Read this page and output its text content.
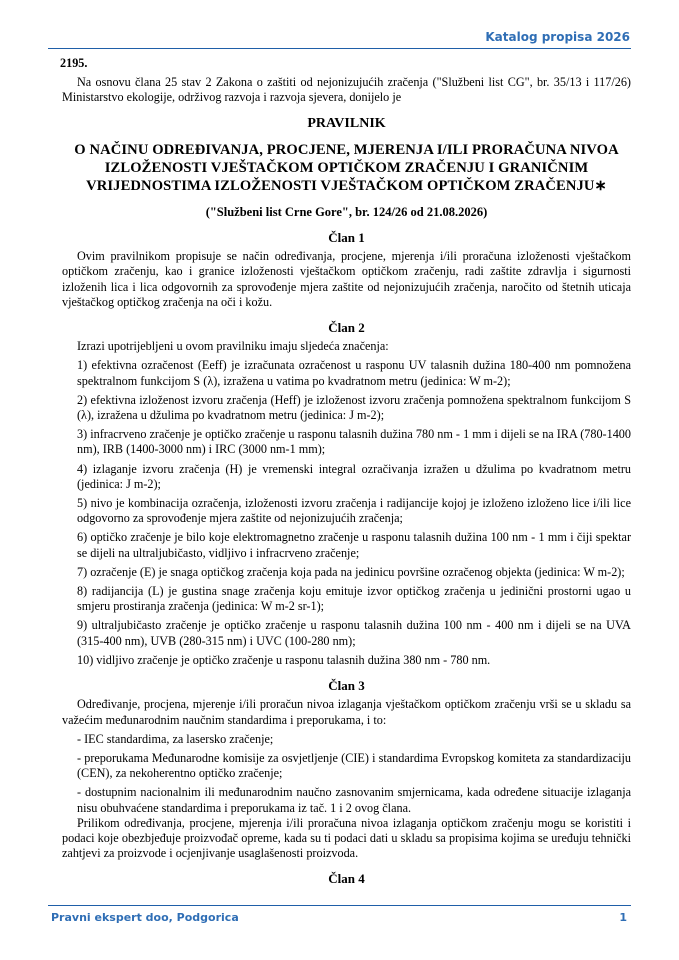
Katalog propisa 2026
2195.

Na osnovu člana 25 stav 2 Zakona o zaštiti od nejonizujućih zračenja ("Službeni list CG", br. 35/13 i 117/26) Ministarstvo ekologije, održivog razvoja i razvoja sjevera, donijelo je

PRAVILNIK
O NAČINU ODREĐIVANJA, PROCJENE, MJERENJA I/ILI PRORAČUNA NIVOA IZLOŽENOSTI VJEŠTAČKOM OPTIČKOM ZRAČENJU I GRANIČNIM VRIJEDNOSTIMA IZLOŽENOSTI VJEŠTAČKOM OPTIČKOM ZRAČENJU∗
("Službeni list Crne Gore", br. 124/26 od 21.08.2026)
Član 1

Ovim pravilnikom propisuje se način određivanja, procjene, mjerenja i/ili proračuna izloženosti vještačkom optičkom zračenju, kao i granice izloženosti vještačkom optičkom zračenju, radi zaštite zdravlja i sigurnosti izloženih lica i lica odgovornih za sprovođenje mjera zaštite od nejonizujućih zračenja, naročito od štetnih uticaja vještačkog optičkog zračenja na oči i kožu.

Član 2

Izrazi upotrijebljeni u ovom pravilniku imaju sljedeća značenja:

1) efektivna ozračenost (Eeff) je izračunata ozračenost u rasponu UV talasnih dužina 180-400 nm pomnožena spektralnom funkcijom S (λ), izražena u vatima po kvadratnom metru (jedinica: W m-2);

2) efektivna izloženost izvoru zračenja (Heff) je izloženost izvoru zračenja pomnožena spektralnom funkcijom S (λ), izražena u džulima po kvadratnom metru (jedinica: J m-2);

3) infracrveno zračenje je optičko zračenje u rasponu talasnih dužina 780 nm - 1 mm i dijeli se na IRA (780-1400 nm), IRB (1400-3000 nm) i IRC (3000 nm-1 mm);

4) izlaganje izvoru zračenja (H) je vremenski integral ozračivanja izražen u džulima po kvadratnom metru (jedinica: J m-2);

5) nivo je kombinacija ozračenja, izloženosti izvoru zračenja i radijancije kojoj je izloženo izloženo lice i/ili lice odgovorno za sprovođenje mjera zaštite od nejonizujućih zračenja;

6) optičko zračenje je bilo koje elektromagnetno zračenje u rasponu talasnih dužina 100 nm - 1 mm i čiji spektar se dijeli na ultraljubičasto, vidljivo i infracrveno zračenje;

7) ozračenje (E) je snaga optičkog zračenja koja pada na jedinicu površine ozračenog objekta (jedinica: W m-2);

8) radijancija (L) je gustina snage zračenja koju emituje izvor optičkog zračenja u jedinični prostorni ugao u smjeru prostiranja zračenja (jedinica: W m-2 sr-1);

9) ultraljubičasto zračenje je optičko zračenje u rasponu talasnih dužina 100 nm - 400 nm i dijeli se na UVA (315-400 nm), UVB (280-315 nm) i UVC (100-280 nm);

10) vidljivo zračenje je optičko zračenje u rasponu talasnih dužina 380 nm - 780 nm.

Član 3

Određivanje, procjena, mjerenje i/ili proračun nivoa izlaganja vještačkom optičkom zračenju vrši se u skladu sa važećim međunarodnim naučnim standardima i preporukama, i to:

- IEC standardima, za lasersko zračenje;

- preporukama Međunarodne komisije za osvjetljenje (CIE) i standardima Evropskog komiteta za standardizaciju (CEN), za nekoherentno optičko zračenje;

- dostupnim nacionalnim ili međunarodnim naučno zasnovanim smjernicama, kada određene situacije izlaganja nisu obuhvaćene standardima i preporukama iz tač. 1 i 2 ovog člana.

Prilikom određivanja, procjene, mjerenja i/ili proračuna nivoa izlaganja optičkom zračenju mogu se koristiti i podaci koje obezbjeđuje proizvođač opreme, kada su ti podaci dati u skladu sa propisima kojima se uređuju tehnički zahtjevi za proizvode i ocjenjivanje usaglašenosti proizvoda.

Član 4
Pravni ekspert doo, Podgorica	1
